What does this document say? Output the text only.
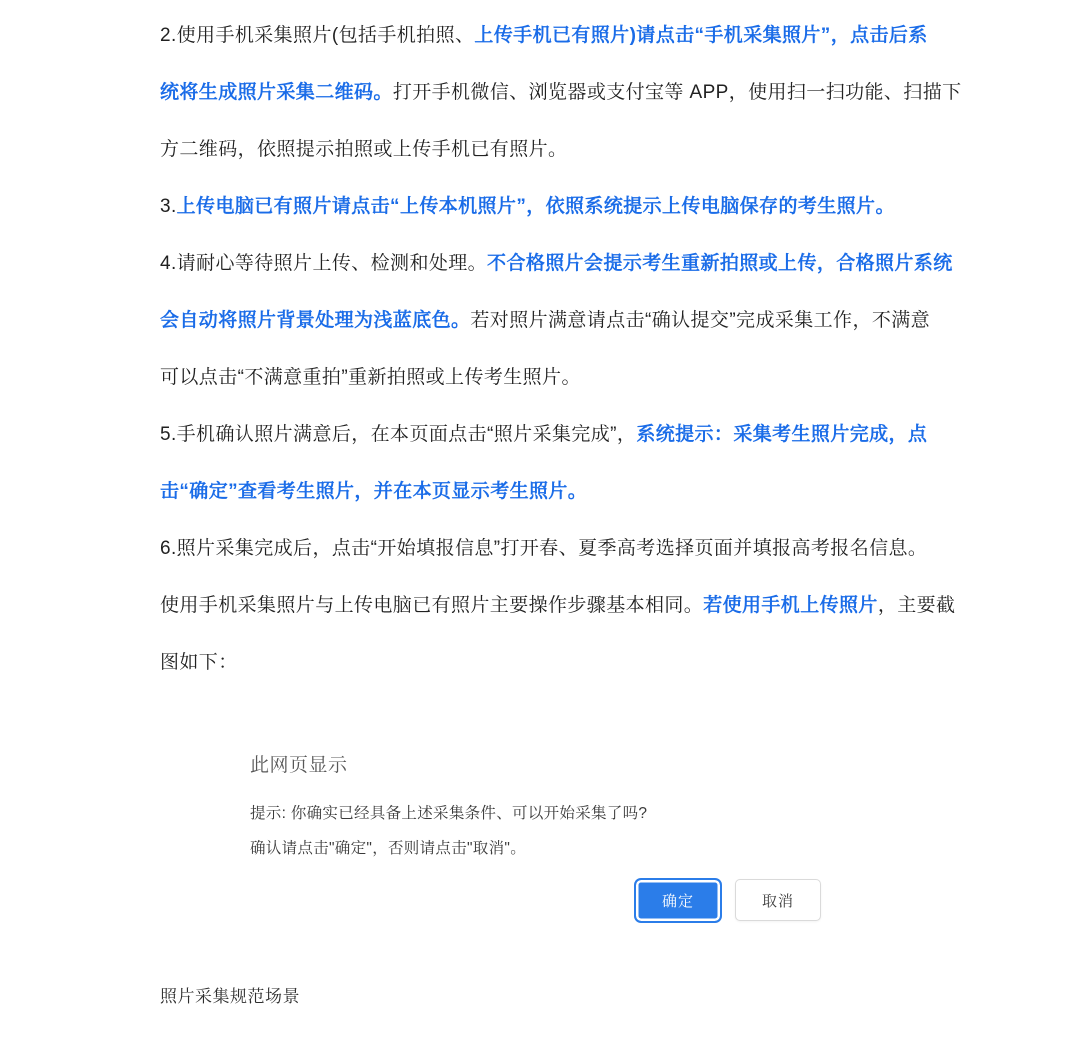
2.使用手机采集照片(包括手机拍照、上传手机已有照片)请点击“手机采集照片”，点击后系
统将生成照片采集二维码。打开手机微信、浏览器或支付宝等 APP，使用扫一扫功能、扫描下
方二维码，依照提示拍照或上传手机已有照片。
3.上传电脑已有照片请点击“上传本机照片”，依照系统提示上传电脑保存的考生照片。
4.请耐心等待照片上传、检测和处理。不合格照片会提示考生重新拍照或上传，合格照片系统
会自动将照片背景处理为浅蓝底色。若对照片满意请点击“确认提交”完成采集工作，不满意
可以点击“不满意重拍”重新拍照或上传考生照片。
5.手机确认照片满意后，在本页面点击“照片采集完成”，系统提示：采集考生照片完成，点
击“确定”查看考生照片，并在本页显示考生照片。
6.照片采集完成后，点击“开始填报信息”打开春、夏季高考选择页面并填报高考报名信息。
使用手机采集照片与上传电脑已有照片主要操作步骤基本相同。若使用手机上传照片，主要截
图如下：
此网页显示
提示: 你确实已经具备上述采集条件、可以开始采集了吗?
确认请点击"确定"，否则请点击"取消"。
确定	取消
照片采集规范场景
